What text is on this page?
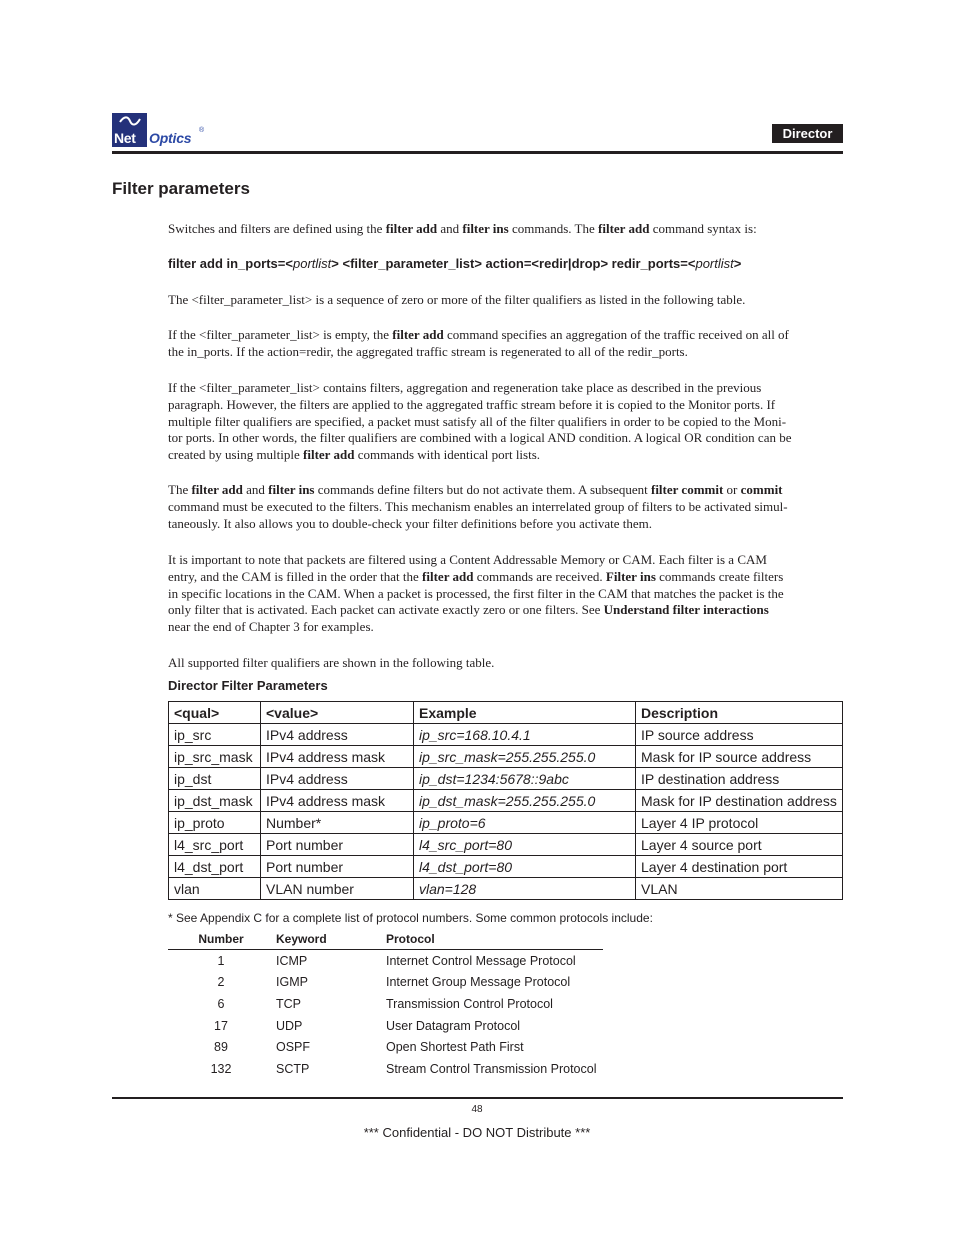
Net Optics ®	Director
Filter parameters
Switches and filters are defined using the filter add and filter ins commands. The filter add command syntax is:
filter add in_ports=<portlist> <filter_parameter_list> action=<redir|drop> redir_ports=<portlist>
The <filter_parameter_list> is a sequence of zero or more of the filter qualifiers as listed in the following table.
If the <filter_parameter_list> is empty, the filter add command specifies an aggregation of the traffic received on all of
the in_ports. If the action=redir, the aggregated traffic stream is regenerated to all of the redir_ports.
If the <filter_parameter_list> contains filters, aggregation and regeneration take place as described in the previous
paragraph. However, the filters are applied to the aggregated traffic stream before it is copied to the Monitor ports. If
multiple filter qualifiers are specified, a packet must satisfy all of the filter qualifiers in order to be copied to the Moni-
tor ports. In other words, the filter qualifiers are combined with a logical AND condition. A logical OR condition can be
created by using multiple filter add commands with identical port lists.
The filter add and filter ins commands define filters but do not activate them. A subsequent filter commit or commit
command must be executed to the filters. This mechanism enables an interrelated group of filters to be activated simul-
taneously. It also allows you to double-check your filter definitions before you activate them.
It is important to note that packets are filtered using a Content Addressable Memory or CAM. Each filter is a CAM
entry, and the CAM is filled in the order that the filter add commands are received. Filter ins commands create filters
in specific locations in the CAM. When a packet is processed, the first filter in the CAM that matches the packet is the
only filter that is activated. Each packet can activate exactly zero or one filters. See Understand filter interactions
near the end of Chapter 3 for examples.
All supported filter qualifiers are shown in the following table.
Director Filter Parameters
<qual>	<value>	Example	Description
ip_src	IPv4 address	ip_src=168.10.4.1	IP source address
ip_src_mask	IPv4 address mask	ip_src_mask=255.255.255.0	Mask for IP source address
ip_dst	IPv4 address	ip_dst=1234:5678::9abc	IP destination address
ip_dst_mask	IPv4 address mask	ip_dst_mask=255.255.255.0	Mask for IP destination address
ip_proto	Number*	ip_proto=6	Layer 4 IP protocol
l4_src_port	Port number	l4_src_port=80	Layer 4 source port
l4_dst_port	Port number	l4_dst_port=80	Layer 4 destination port
vlan	VLAN number	vlan=128	VLAN
* See Appendix C for a complete list of protocol numbers. Some common protocols include:
Number	Keyword	Protocol
1	ICMP	Internet Control Message Protocol
2	IGMP	Internet Group Message Protocol
6	TCP	Transmission Control Protocol
17	UDP	User Datagram Protocol
89	OSPF	Open Shortest Path First
132	SCTP	Stream Control Transmission Protocol
48
*** Confidential - DO NOT Distribute ***
